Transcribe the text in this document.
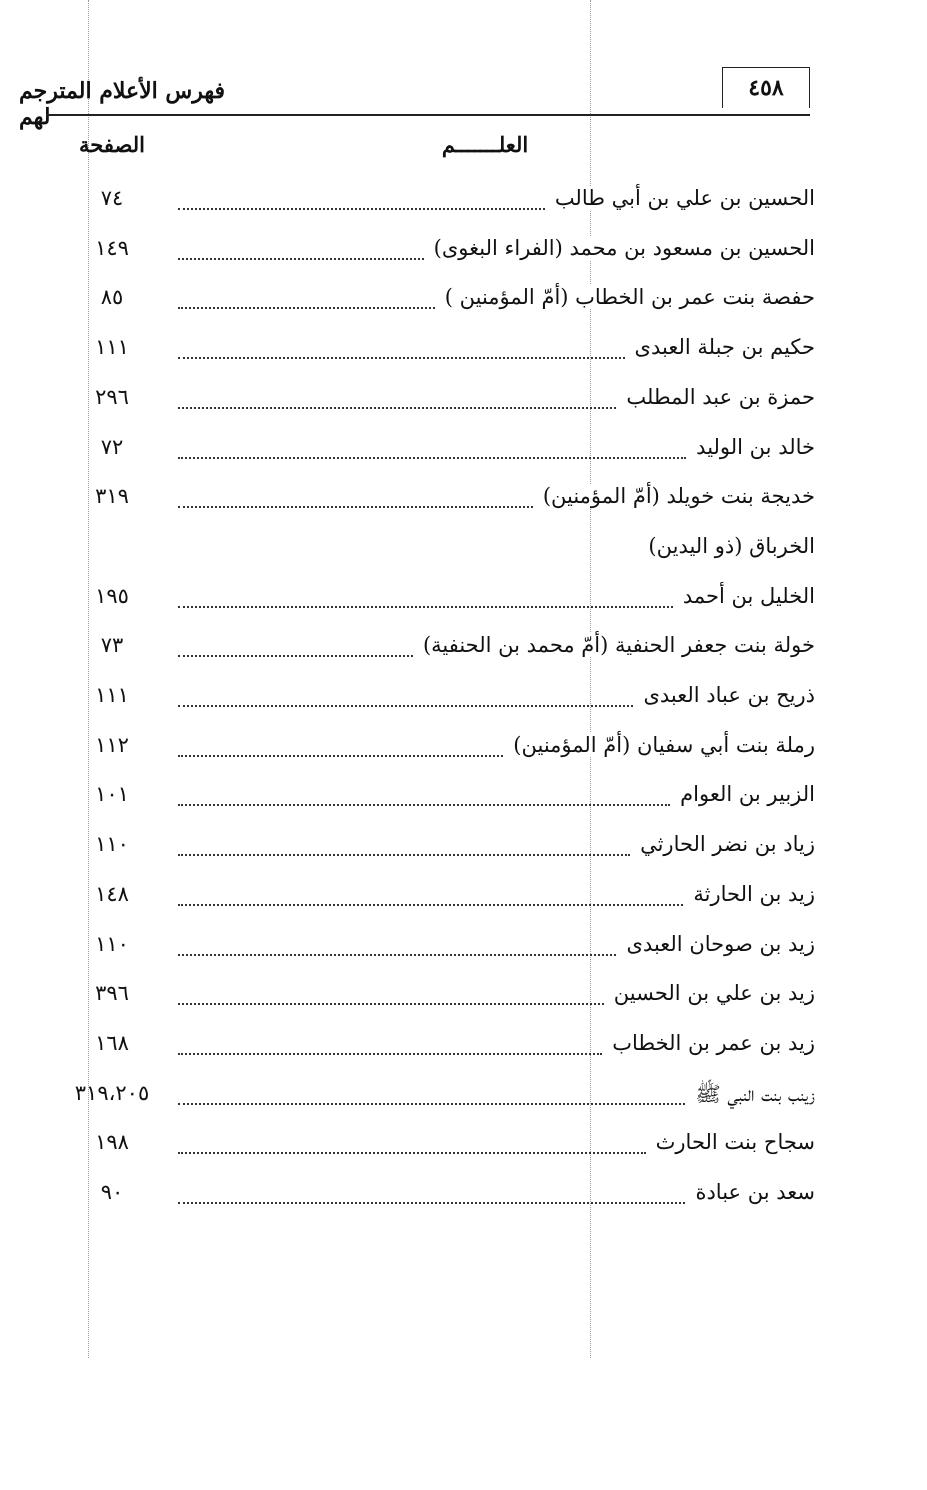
فهرس الأعلام المترجم لهم
٤٥٨
العلـــــــم
الصفحة
الحسين بن علي بن أبي طالب
٧٤
الحسين بن مسعود بن محمد (الفراء البغوى)
١٤٩
حفصة بنت عمر بن الخطاب (أمّ المؤمنين )
٨٥
حكيم بن جبلة العبدى
١١١
حمزة بن عبد المطلب
٢٩٦
خالد بن الوليد
٧٢
خديجة بنت خويلد (أمّ المؤمنين)
٣١٩
الخرباق (ذو اليدين)
الخليل بن أحمد
١٩٥
خولة بنت جعفر الحنفية (أمّ محمد بن الحنفية)
٧٣
ذريح بن عباد العبدى
١١١
رملة بنت أبي سفيان (أمّ المؤمنين)
١١٢
الزبير بن العوام
١٠١
زياد بن نضر الحارثي
١١٠
زيد بن الحارثة
١٤٨
زيد بن صوحان العبدى
١١٠
زيد بن علي بن الحسين
٣٩٦
زيد بن عمر بن الخطاب
١٦٨
زينب بنت النبي ﷺ
٣١٩،٢٠٥
سجاح بنت الحارث
١٩٨
سعد بن عبادة
٩٠
